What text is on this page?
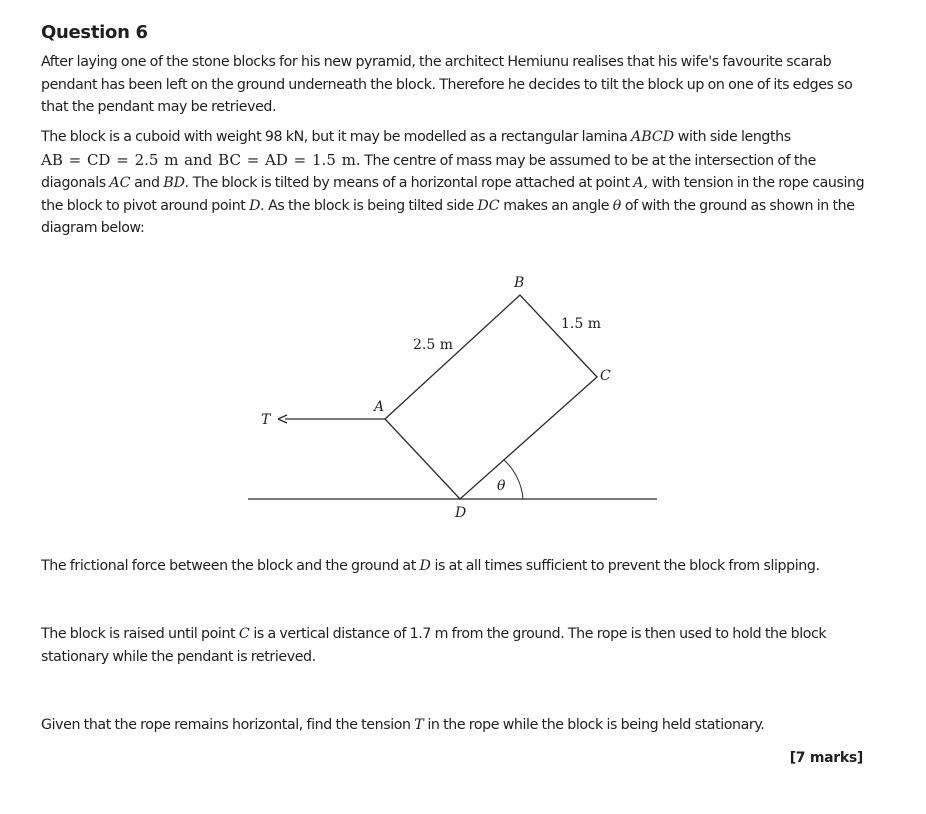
A
B
C
D
T
θ
2.5 m
1.5 m
Question 6

After laying one of the stone blocks for his new pyramid, the architect Hemiunu realises that his wife's favourite scarab pendant has been left on the ground underneath the block. Therefore he decides to tilt the block up on one of its edges so that the pendant may be retrieved.

The block is a cuboid with weight 98 kN, but it may be modelled as a rectangular lamina ABCD with side lengths
AB = CD = 2.5 m and BC = AD = 1.5 m. The centre of mass may be assumed to be at the intersection of the diagonals AC and BD. The block is tilted by means of a horizontal rope attached at point A, with tension in the rope causing the block to pivot around point D. As the block is being tilted side DC makes an angle θ of with the ground as shown in the diagram below:

The frictional force between the block and the ground at D is at all times sufficient to prevent the block from slipping.

The block is raised until point C is a vertical distance of 1.7 m from the ground. The rope is then used to hold the block stationary while the pendant is retrieved.

Given that the rope remains horizontal, find the tension T in the rope while the block is being held stationary.

[7 marks]
